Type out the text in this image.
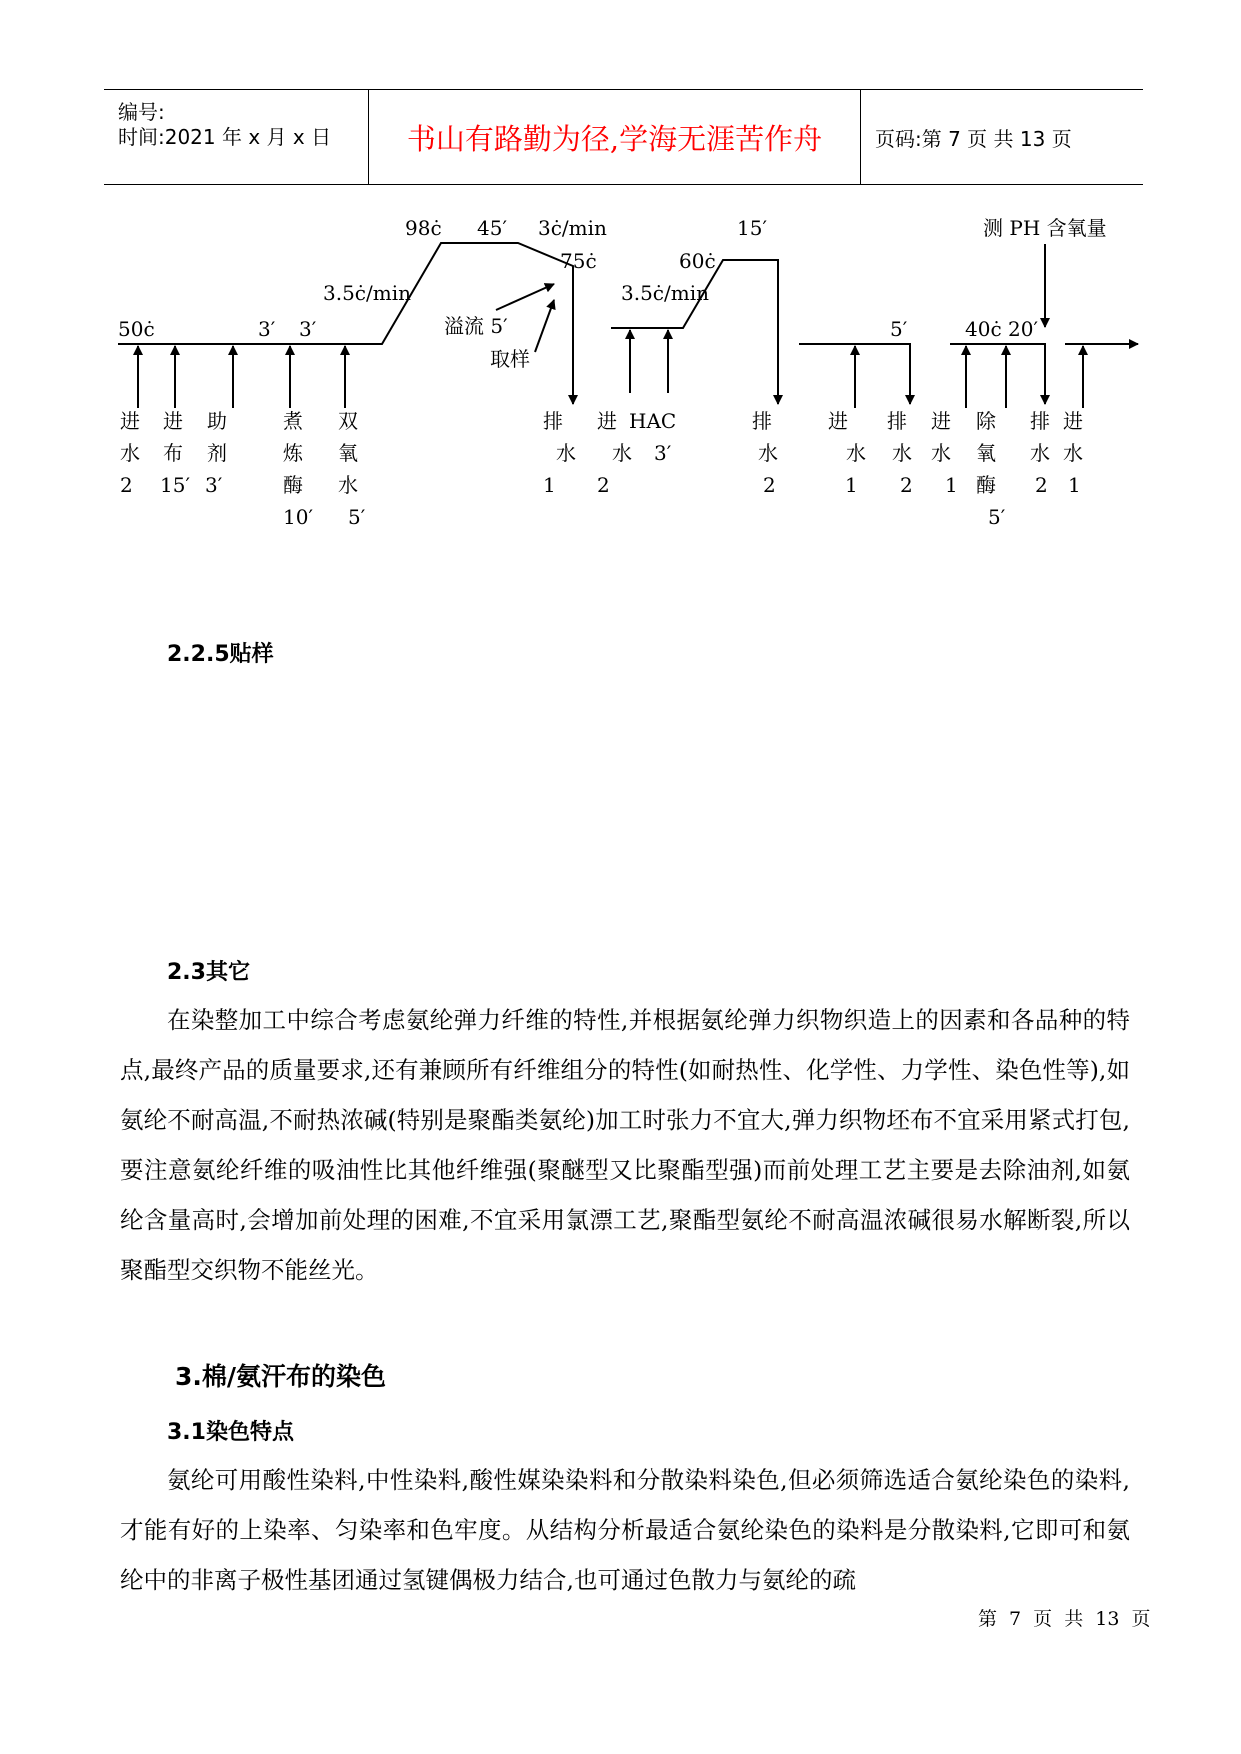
编号:
时间:2021 年 x 月 x 日	书山有路勤为径,学海无涯苦作舟	页码:第 7 页 共 13 页
50ċ
98ċ
75ċ	60ċ
40ċ 20′
3.5ċ/min
3ċ/min
3.5ċ/min
3′ 3′
45′	15′
5′
溢流 5′
取样
测 PH 含氧量
进
水
2
进
布
15′
助
剂
3′
煮
炼
酶
10′
双
氧
水
5′
排
水
1
进
水
2
HAC
3′
排
水
2
进
水
1
排
水
2
进
水
1
除
氧
酶
5′
排
水
2
进
水
1
2.2.5贴样
2.3其它

在染整加工中综合考虑氨纶弹力纤维的特性,并根据氨纶弹力织物织造上的因素和各品种的特点,最终产品的质量要求,还有兼顾所有纤维组分的特性(如耐热性、化学性、力学性、染色性等),如氨纶不耐高温,不耐热浓碱(特别是聚酯类氨纶)加工时张力不宜大,弹力织物坯布不宜采用紧式打包,要注意氨纶纤维的吸油性比其他纤维强(聚醚型又比聚酯型强)而前处理工艺主要是去除油剂,如氨纶含量高时,会增加前处理的困难,不宜采用氯漂工艺,聚酯型氨纶不耐高温浓碱很易水解断裂,所以聚酯型交织物不能丝光。

3.棉/氨汗布的染色
3.1染色特点

氨纶可用酸性染料,中性染料,酸性媒染染料和分散染料染色,但必须筛选适合氨纶染色的染料,才能有好的上染率、匀染率和色牢度。从结构分析最适合氨纶染色的染料是分散染料,它即可和氨纶中的非离子极性基团通过氢键偶极力结合,也可通过色散力与氨纶的疏

第 7 页 共 13 页
